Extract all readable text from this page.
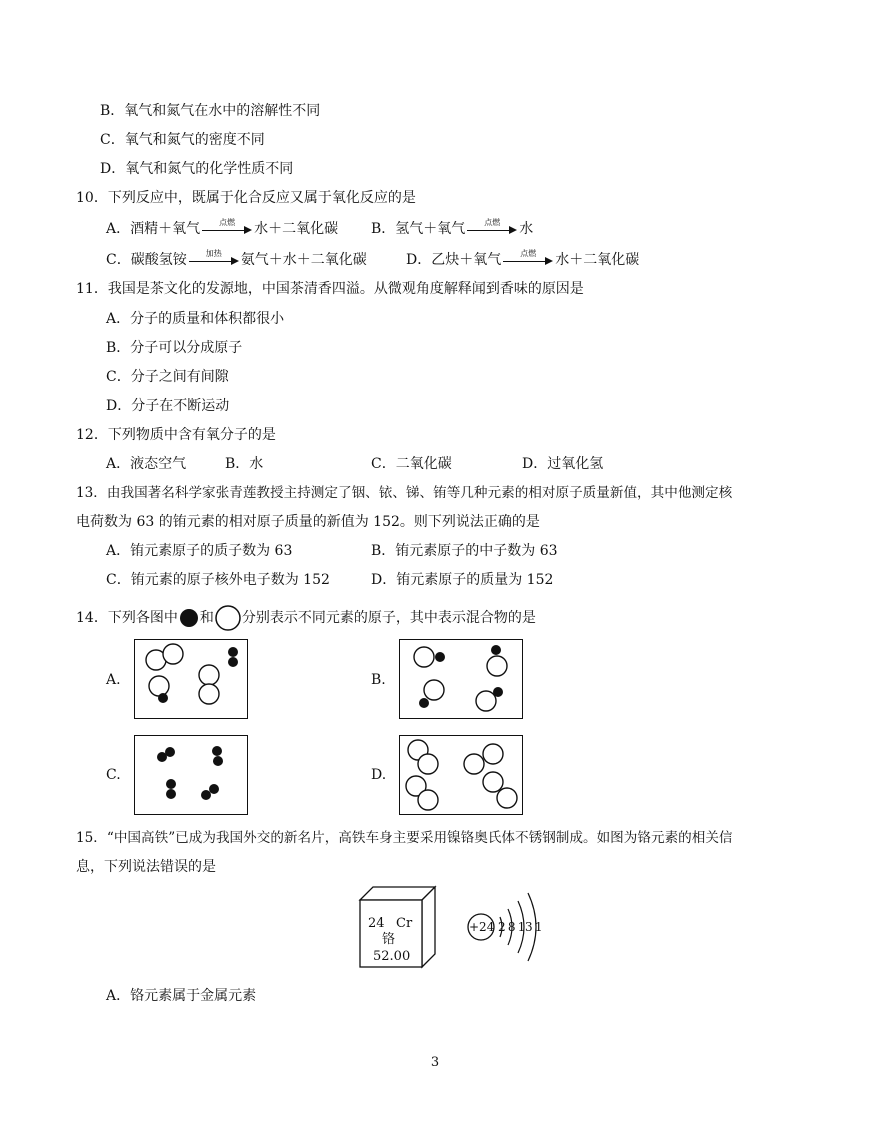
B．氧气和氮气在水中的溶解性不同
C．氧气和氮气的密度不同
D．氧气和氮气的化学性质不同
10．下列反应中，既属于化合反应又属于氧化反应的是
A．酒精＋氧气	点燃	水＋二氧化碳 B．氢气＋氧气	点燃	水
C．碳酸氢铵	加热	氨气＋水＋二氧化碳	D．乙炔＋氧气	点燃	水＋二氧化碳
11．我国是茶文化的发源地，中国茶清香四溢。从微观角度解释闻到香味的原因是
A．分子的质量和体积都很小
B．分子可以分成原子
C．分子之间有间隙
D．分子在不断运动
12．下列物质中含有氧分子的是
A．液态空气	B．水	C．二氧化碳	D．过氧化氢
13．由我国著名科学家张青莲教授主持测定了铟、铱、锑、铕等几种元素的相对原子质量新值，其中他测定核
电荷数为 63 的铕元素的相对原子质量的新值为 152。则下列说法正确的是
A．铕元素原子的质子数为 63	B．铕元素原子的中子数为 63
C．铕元素的原子核外电子数为 152	D．铕元素原子的质量为 152
14．下列各图中 和 分别表示不同元素的原子，其中表示混合物的是
A.	B.
C.	D.
15．“中国高铁”已成为我国外交的新名片，高铁车身主要采用镍铬奥氏体不锈钢制成。如图为铬元素的相关信
息，下列说法错误的是
24 Cr
铬
52.00
+24 2 8 13 1
A．铬元素属于金属元素
3
